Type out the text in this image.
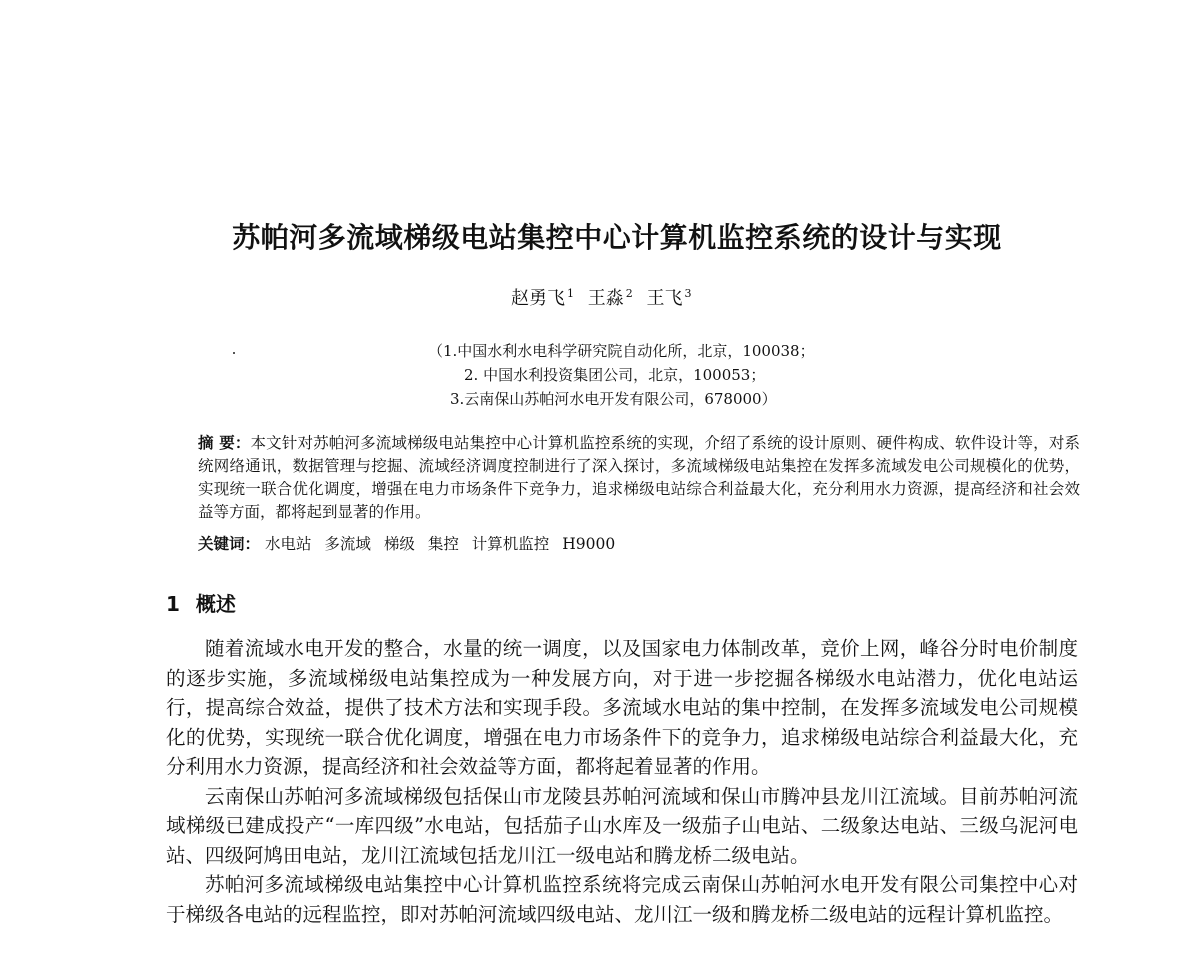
苏帕河多流域梯级电站集控中心计算机监控系统的设计与实现
赵勇飞 $^1$ 王淼 $^2$ 王飞 $^3$
（1.中国水利水电科学研究院自动化所，北京，100038；
2. 中国水利投资集团公司，北京，100053；
3.云南保山苏帕河水电开发有限公司，678000）
摘 要：本文针对苏帕河多流域梯级电站集控中心计算机监控系统的实现，介绍了系统的设计原则、硬件构成、软件设计等，对系统网络通讯，数据管理与挖掘、流域经济调度控制进行了深入探讨，多流域梯级电站集控在发挥多流域发电公司规模化的优势，实现统一联合优化调度，增强在电力市场条件下竞争力，追求梯级电站综合利益最大化，充分利用水力资源，提高经济和社会效益等方面，都将起到显著的作用。
关键词： 水电站 多流域 梯级 集控 计算机监控 H9000
1 概述

随着流域水电开发的整合，水量的统一调度，以及国家电力体制改革，竞价上网，峰谷分时电价制度的逐步实施，多流域梯级电站集控成为一种发展方向，对于进一步挖掘各梯级水电站潜力，优化电站运行，提高综合效益，提供了技术方法和实现手段。多流域水电站的集中控制，在发挥多流域发电公司规模化的优势，实现统一联合优化调度，增强在电力市场条件下的竞争力，追求梯级电站综合利益最大化，充分利用水力资源，提高经济和社会效益等方面，都将起着显著的作用。

云南保山苏帕河多流域梯级包括保山市龙陵县苏帕河流域和保山市腾冲县龙川江流域。目前苏帕河流域梯级已建成投产“一库四级”水电站，包括茄子山水库及一级茄子山电站、二级象达电站、三级乌泥河电站、四级阿鸠田电站，龙川江流域包括龙川江一级电站和腾龙桥二级电站。

苏帕河多流域梯级电站集控中心计算机监控系统将完成云南保山苏帕河水电开发有限公司集控中心对于梯级各电站的远程监控，即对苏帕河流域四级电站、龙川江一级和腾龙桥二级电站的远程计算机监控。
